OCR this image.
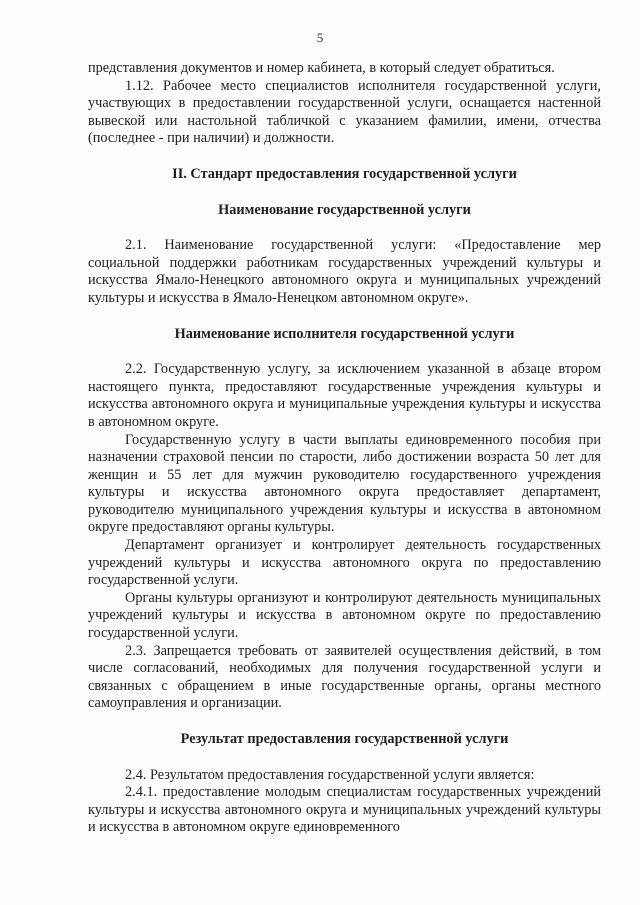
5

представления документов и номер кабинета, в который следует обратиться.

1.12. Рабочее место специалистов исполнителя государственной услуги, участвующих в предоставлении государственной услуги, оснащается настенной вывеской или настольной табличкой с указанием фамилии, имени, отчества (последнее - при наличии) и должности.

II. Стандарт предоставления государственной услуги

Наименование государственной услуги

2.1. Наименование государственной услуги: «Предоставление мер социальной поддержки работникам государственных учреждений культуры и искусства Ямало-Ненецкого автономного округа и муниципальных учреждений культуры и искусства в Ямало-Ненецком автономном округе».

Наименование исполнителя государственной услуги

2.2. Государственную услугу, за исключением указанной в абзаце втором настоящего пункта, предоставляют государственные учреждения культуры и искусства автономного округа и муниципальные учреждения культуры и искусства в автономном округе.

Государственную услугу в части выплаты единовременного пособия при назначении страховой пенсии по старости, либо достижении возраста 50 лет для женщин и 55 лет для мужчин руководителю государственного учреждения культуры и искусства автономного округа предоставляет департамент, руководителю муниципального учреждения культуры и искусства в автономном округе предоставляют органы культуры.

Департамент организует и контролирует деятельность государственных учреждений культуры и искусства автономного округа по предоставлению государственной услуги.

Органы культуры организуют и контролируют деятельность муниципальных учреждений культуры и искусства в автономном округе по предоставлению государственной услуги.

2.3. Запрещается требовать от заявителей осуществления действий, в том числе согласований, необходимых для получения государственной услуги и связанных с обращением в иные государственные органы, органы местного самоуправления и организации.

Результат предоставления государственной услуги

2.4. Результатом предоставления государственной услуги является:

2.4.1. предоставление молодым специалистам государственных учреждений культуры и искусства автономного округа и муниципальных учреждений культуры и искусства в автономном округе единовременного
